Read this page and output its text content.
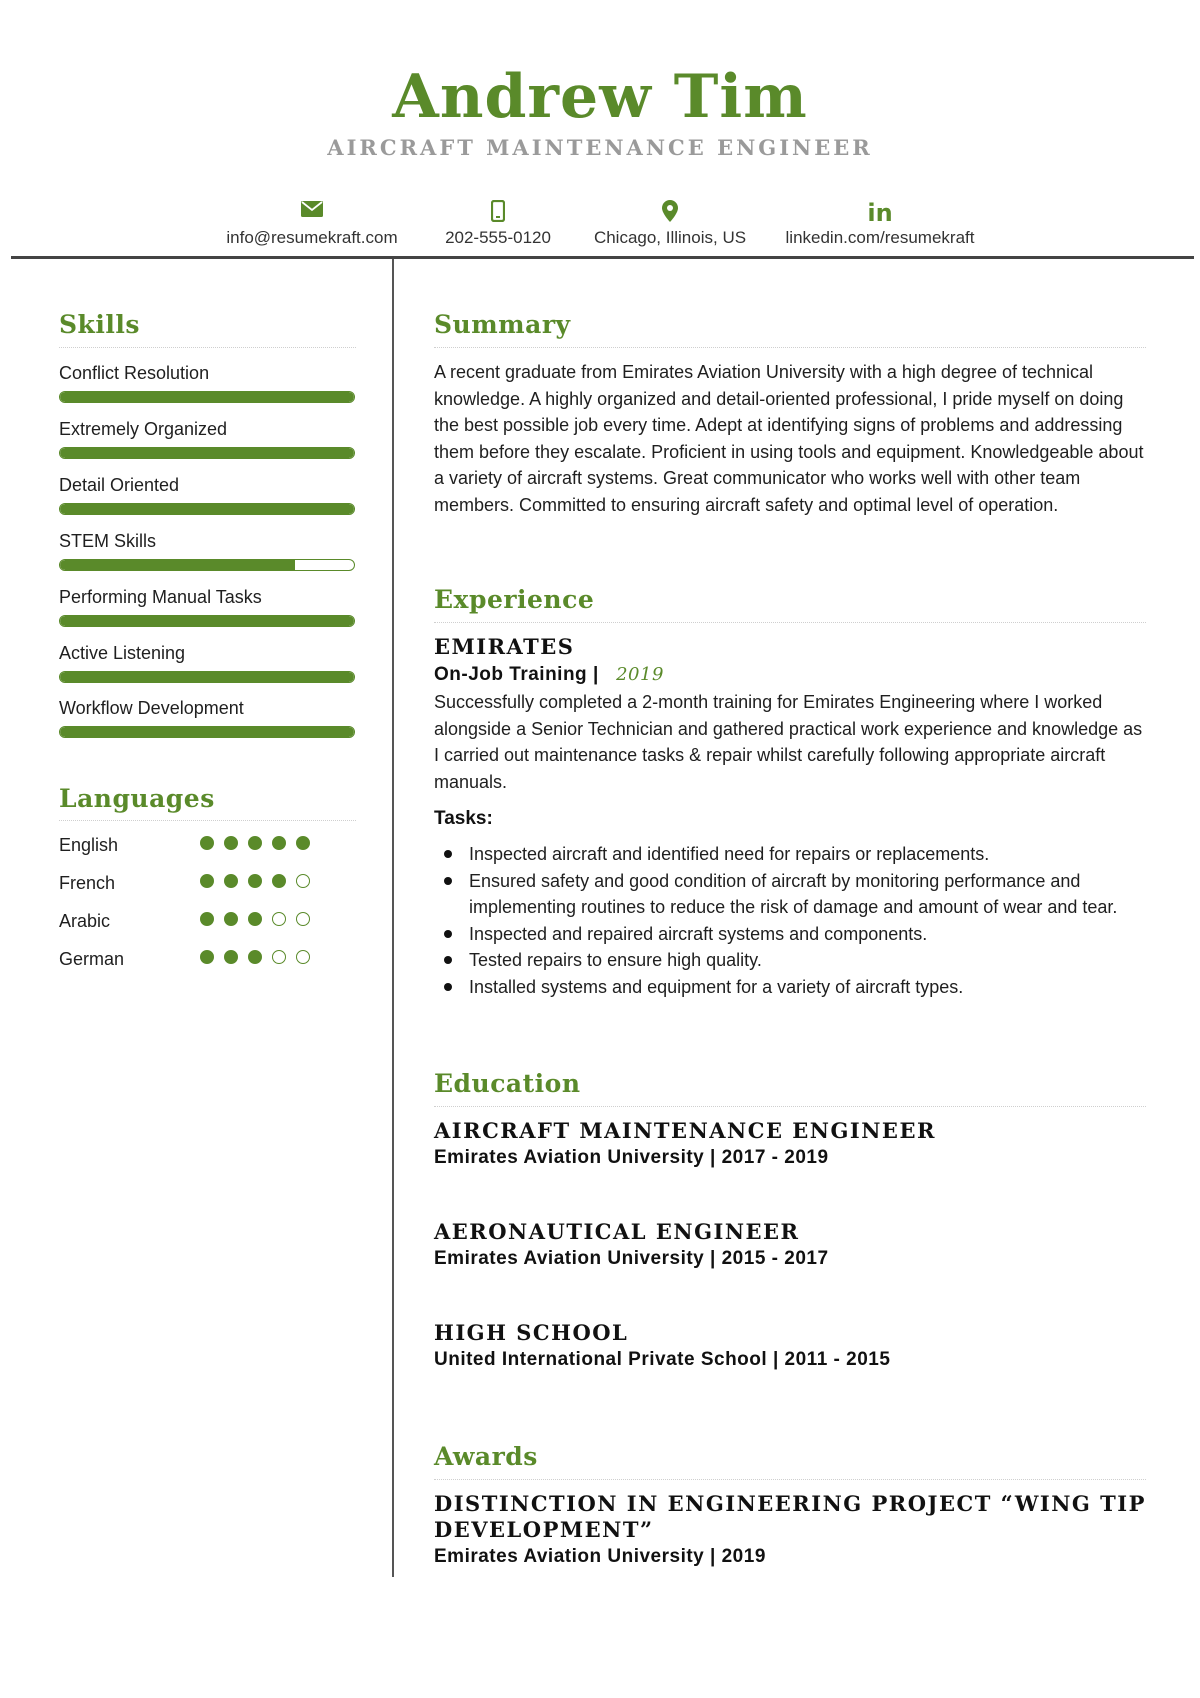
Andrew Tim
AIRCRAFT MAINTENANCE ENGINEER
info@resumekraft.com	202-555-0120	Chicago, Illinois, US
in
linkedin.com/resumekraft
Skills
Conflict Resolution
Extremely Organized
Detail Oriented
STEM Skills
Performing Manual Tasks
Active Listening
Workflow Development
Languages
English
French
Arabic
German
Summary
A recent graduate from Emirates Aviation University with a high degree of technical knowledge. A highly organized and detail-oriented professional, I pride myself on doing the best possible job every time. Adept at identifying signs of problems and addressing them before they escalate. Proficient in using tools and equipment. Knowledgeable about a variety of aircraft systems. Great communicator who works well with other team members. Committed to ensuring aircraft safety and optimal level of operation.
Experience
EMIRATES
On-Job Training | 2019
Successfully completed a 2-month training for Emirates Engineering where I worked alongside a Senior Technician and gathered practical work experience and knowledge as I carried out maintenance tasks & repair whilst carefully following appropriate aircraft manuals.
Tasks:
Inspected aircraft and identified need for repairs or replacements.
Ensured safety and good condition of aircraft by monitoring performance and implementing routines to reduce the risk of damage and amount of wear and tear.
Inspected and repaired aircraft systems and components.
Tested repairs to ensure high quality.
Installed systems and equipment for a variety of aircraft types.
Education
AIRCRAFT MAINTENANCE ENGINEER
Emirates Aviation University | 2017 - 2019
AERONAUTICAL ENGINEER
Emirates Aviation University | 2015 - 2017
HIGH SCHOOL
United International Private School | 2011 - 2015
Awards
DISTINCTION IN ENGINEERING PROJECT “WING TIP DEVELOPMENT”
Emirates Aviation University | 2019
